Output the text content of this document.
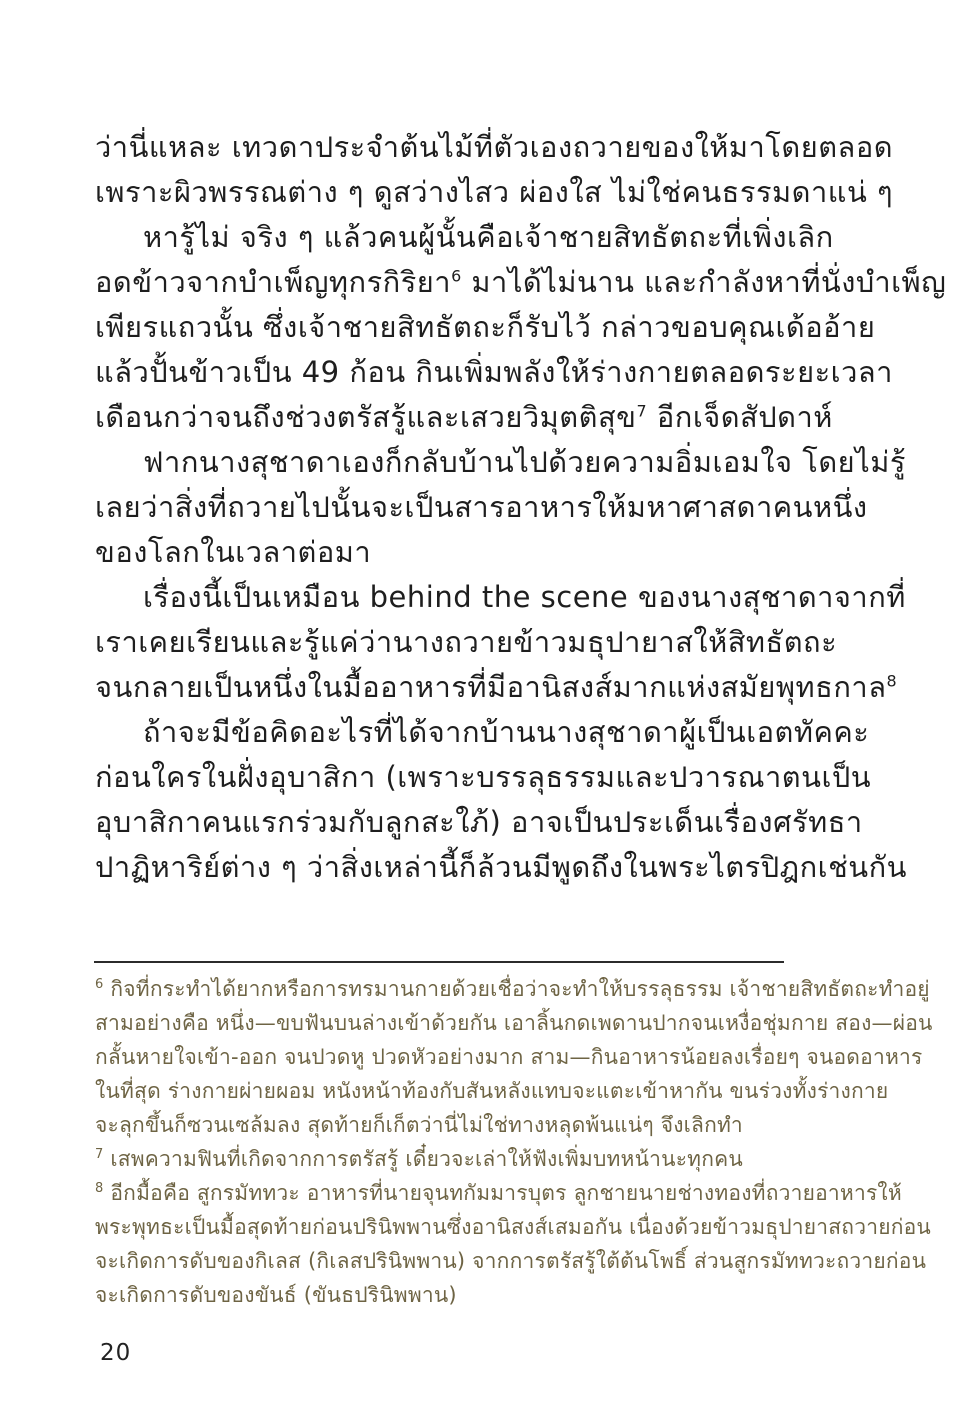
ว่านี่แหละ เทวดาประจำต้นไม้ที่ตัวเองถวายของให้มาโดยตลอด
เพราะผิวพรรณต่าง ๆ ดูสว่างไสว ผ่องใส ไม่ใช่คนธรรมดาแน่ ๆ
หารู้ไม่ จริง ๆ แล้วคนผู้นั้นคือเจ้าชายสิทธัตถะที่เพิ่งเลิก
อดข้าวจากบำเพ็ญทุกรกิริยา$^6$ มาได้ไม่นาน และกำลังหาที่นั่งบำเพ็ญ
เพียรแถวนั้น ซึ่งเจ้าชายสิทธัตถะก็รับไว้ กล่าวขอบคุณเด้ออ้าย
แล้วปั้นข้าวเป็น 49 ก้อน กินเพิ่มพลังให้ร่างกายตลอดระยะเวลา
เดือนกว่าจนถึงช่วงตรัสรู้และเสวยวิมุตติสุข$^7$ อีกเจ็ดสัปดาห์
ฟากนางสุชาดาเองก็กลับบ้านไปด้วยความอิ่มเอมใจ โดยไม่รู้
เลยว่าสิ่งที่ถวายไปนั้นจะเป็นสารอาหารให้มหาศาสดาคนหนึ่ง
ของโลกในเวลาต่อมา
เรื่องนี้เป็นเหมือน behind the scene ของนางสุชาดาจากที่
เราเคยเรียนและรู้แค่ว่านางถวายข้าวมธุปายาสให้สิทธัตถะ
จนกลายเป็นหนึ่งในมื้ออาหารที่มีอานิสงส์มากแห่งสมัยพุทธกาล$^8$
ถ้าจะมีข้อคิดอะไรที่ได้จากบ้านนางสุชาดาผู้เป็นเอตทัคคะ
ก่อนใครในฝั่งอุบาสิกา (เพราะบรรลุธรรมและปวารณาตนเป็น
อุบาสิกาคนแรกร่วมกับลูกสะใภ้) อาจเป็นประเด็นเรื่องศรัทธา
ปาฏิหาริย์ต่าง ๆ ว่าสิ่งเหล่านี้ก็ล้วนมีพูดถึงในพระไตรปิฎกเช่นกัน
$^6$ กิจที่กระทำได้ยากหรือการทรมานกายด้วยเชื่อว่าจะทำให้บรรลุธรรม เจ้าชายสิทธัตถะทำอยู่
สามอย่างคือ หนึ่ง—ขบฟันบนล่างเข้าด้วยกัน เอาลิ้นกดเพดานปากจนเหงื่อชุ่มกาย สอง—ผ่อน
กลั้นหายใจเข้า-ออก จนปวดหู ปวดหัวอย่างมาก สาม—กินอาหารน้อยลงเรื่อยๆ จนอดอาหาร
ในที่สุด ร่างกายผ่ายผอม หนังหน้าท้องกับสันหลังแทบจะแตะเข้าหากัน ขนร่วงทั้งร่างกาย
จะลุกขึ้นก็ซวนเซล้มลง สุดท้ายก็เก็ตว่านี่ไม่ใช่ทางหลุดพ้นแน่ๆ จึงเลิกทำ
$^7$ เสพความฟินที่เกิดจากการตรัสรู้ เดี๋ยวจะเล่าให้ฟังเพิ่มบทหน้านะทุกคน
$^8$ อีกมื้อคือ สูกรมัททวะ อาหารที่นายจุนทกัมมารบุตร ลูกชายนายช่างทองที่ถวายอาหารให้
พระพุทธะเป็นมื้อสุดท้ายก่อนปรินิพพานซึ่งอานิสงส์เสมอกัน เนื่องด้วยข้าวมธุปายาสถวายก่อน
จะเกิดการดับของกิเลส (กิเลสปรินิพพาน) จากการตรัสรู้ใต้ต้นโพธิ์ ส่วนสูกรมัททวะถวายก่อน
จะเกิดการดับของขันธ์ (ขันธปรินิพพาน)
20
